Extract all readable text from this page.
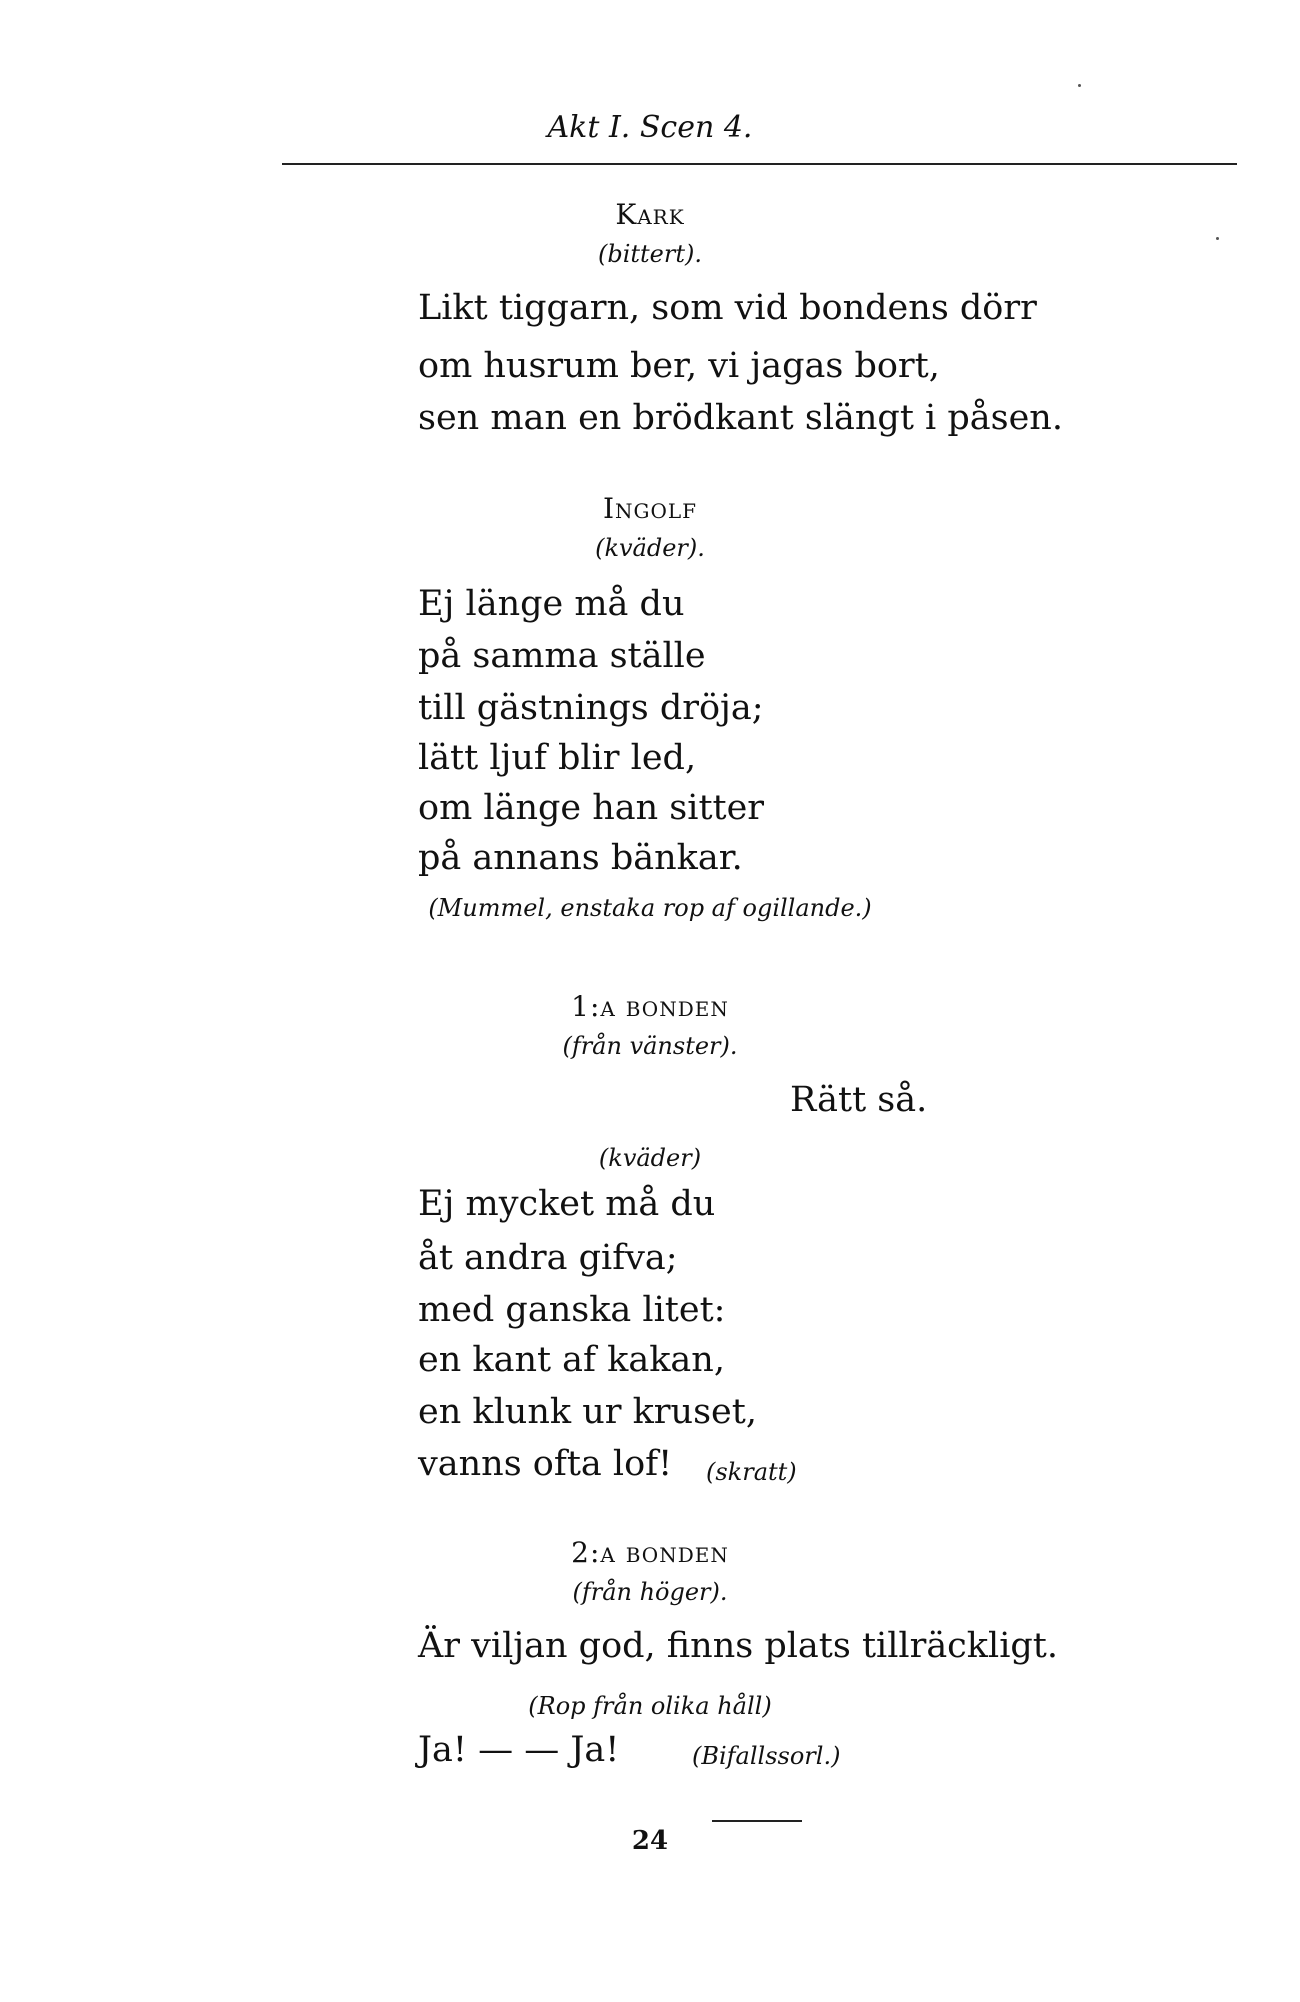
Akt I. Scen 4.
Kark
(bittert).
Likt tiggarn, som vid bondens dörr
om husrum ber, vi jagas bort,
sen man en brödkant slängt i påsen.
Ingolf
(kväder).
Ej länge må du
på samma ställe
till gästnings dröja;
lätt ljuf blir led,
om länge han sitter
på annans bänkar.
(Mummel, enstaka rop af ogillande.)
1:a bonden
(från vänster).
Rätt så.
(kväder)
Ej mycket må du
åt andra gifva;
med ganska litet:
en kant af kakan,
en klunk ur kruset,
vanns ofta lof! (skratt)
2:a bonden
(från höger).
Är viljan god, finns plats tillräckligt.
(Rop från olika håll)
Ja! — — Ja!	(Bifallssorl.)
24
